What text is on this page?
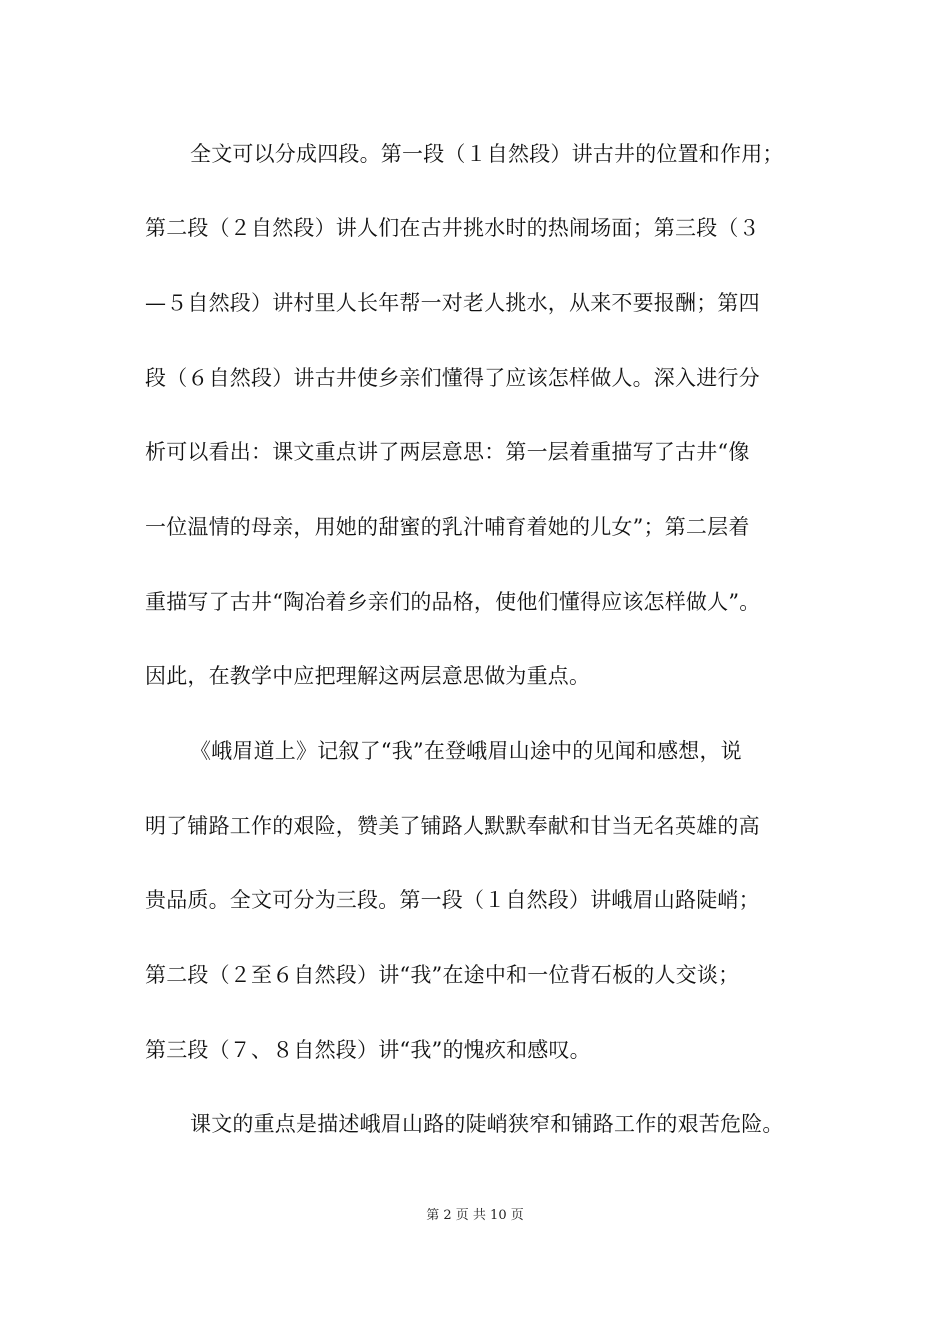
全文可以分成四段。第一段（１自然段）讲古井的位置和作用；
第二段（２自然段）讲人们在古井挑水时的热闹场面；第三段（３
—５自然段）讲村里人长年帮一对老人挑水，从来不要报酬；第四
段（６自然段）讲古井使乡亲们懂得了应该怎样做人。深入进行分
析可以看出：课文重点讲了两层意思：第一层着重描写了古井“像
一位温情的母亲，用她的甜蜜的乳汁哺育着她的儿女”；第二层着
重描写了古井“陶冶着乡亲们的品格，使他们懂得应该怎样做人”。
因此，在教学中应把理解这两层意思做为重点。
《峨眉道上》记叙了“我”在登峨眉山途中的见闻和感想，说
明了铺路工作的艰险，赞美了铺路人默默奉献和甘当无名英雄的高
贵品质。全文可分为三段。第一段（１自然段）讲峨眉山路陡峭；
第二段（２至６自然段）讲“我”在途中和一位背石板的人交谈；
第三段（７、８自然段）讲“我”的愧疚和感叹。
课文的重点是描述峨眉山路的陡峭狭窄和铺路工作的艰苦危险。
第 2 页 共 10 页
